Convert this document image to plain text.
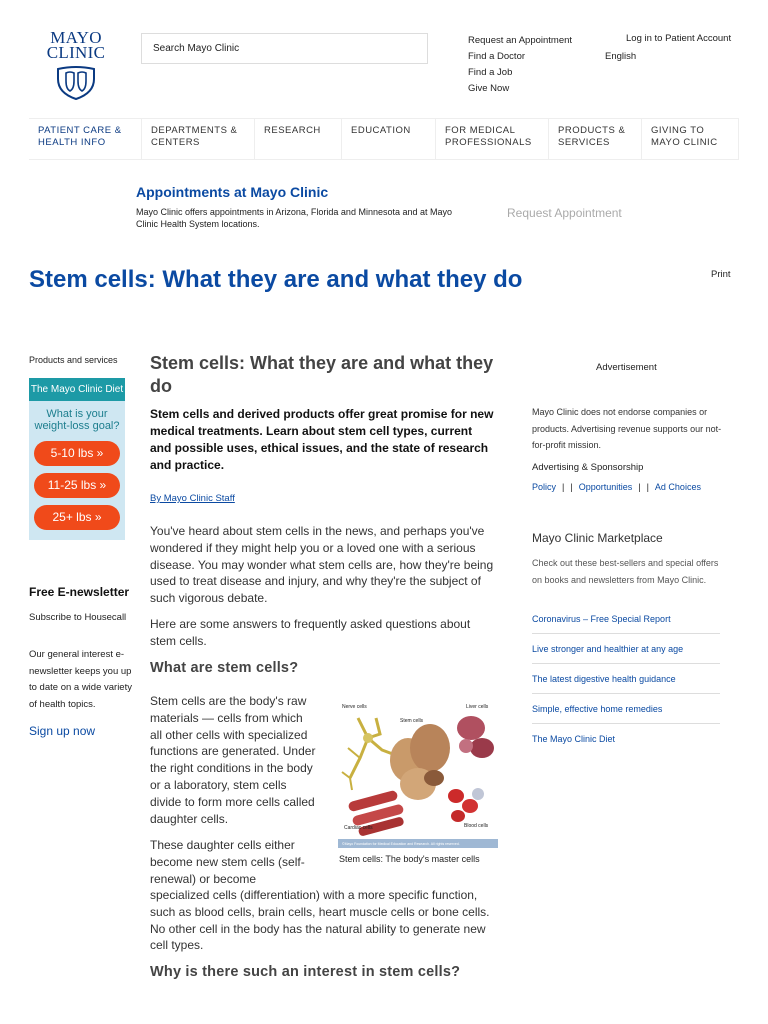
MAYO
CLINIC	Search Mayo Clinic
Request an Appointment
Find a Doctor
Find a Job
Give Now
Log in to Patient Account
English
PATIENT CARE &
HEALTH INFO
DEPARTMENTS &
CENTERS
RESEARCH	EDUCATION	FOR MEDICAL
PROFESSIONALS
PRODUCTS &
SERVICES
GIVING TO
MAYO CLINIC
Appointments at Mayo Clinic
Mayo Clinic offers appointments in Arizona, Florida and Minnesota and at Mayo Clinic Health System locations.
Request Appointment
Stem cells: What they are and what they do	Print
Products and services
The Mayo Clinic Diet
What is your
weight-loss goal?
5-10 lbs »
11-25 lbs »
25+ lbs »
Free E-newsletter
Subscribe to Housecall
Our general interest e-newsletter keeps you up to date on a wide variety of health topics.
Sign up now
Stem cells: What they are and what they do

Stem cells and derived products offer great promise for new medical treatments. Learn about stem cell types, current and possible uses, ethical issues, and the state of research and practice.

By Mayo Clinic Staff

You've heard about stem cells in the news, and perhaps you've wondered if they might help you or a loved one with a serious disease. You may wonder what stem cells are, how they're being used to treat disease and injury, and why they're the subject of such vigorous debate.

Here are some answers to frequently asked questions about stem cells.

What are stem cells?
Stem cells are the body's raw materials — cells from which all other cells with specialized functions are generated. Under the right conditions in the body or a laboratory, stem cells divide to form more cells called daughter cells.
These daughter cells either become new stem cells (self-renewal) or become
specialized cells (differentiation) with a more specific function, such as blood cells, brain cells, heart muscle cells or bone cells. No other cell in the body has the natural ability to generate new cell types.
Why is there such an interest in stem cells?
Nerve cells
Stem cells
Liver cells
Cardiac cells	Blood cells
©Mayo Foundation for Medical Education and Research. All rights reserved.
Stem cells: The body's master cells
Advertisement
Mayo Clinic does not endorse companies or products. Advertising revenue supports our not-for-profit mission.
Advertising & Sponsorship
Policy | | Opportunities | | Ad Choices
Mayo Clinic Marketplace
Check out these best-sellers and special offers on books and newsletters from Mayo Clinic.
Coronavirus – Free Special Report
Live stronger and healthier at any age
The latest digestive health guidance
Simple, effective home remedies
The Mayo Clinic Diet
